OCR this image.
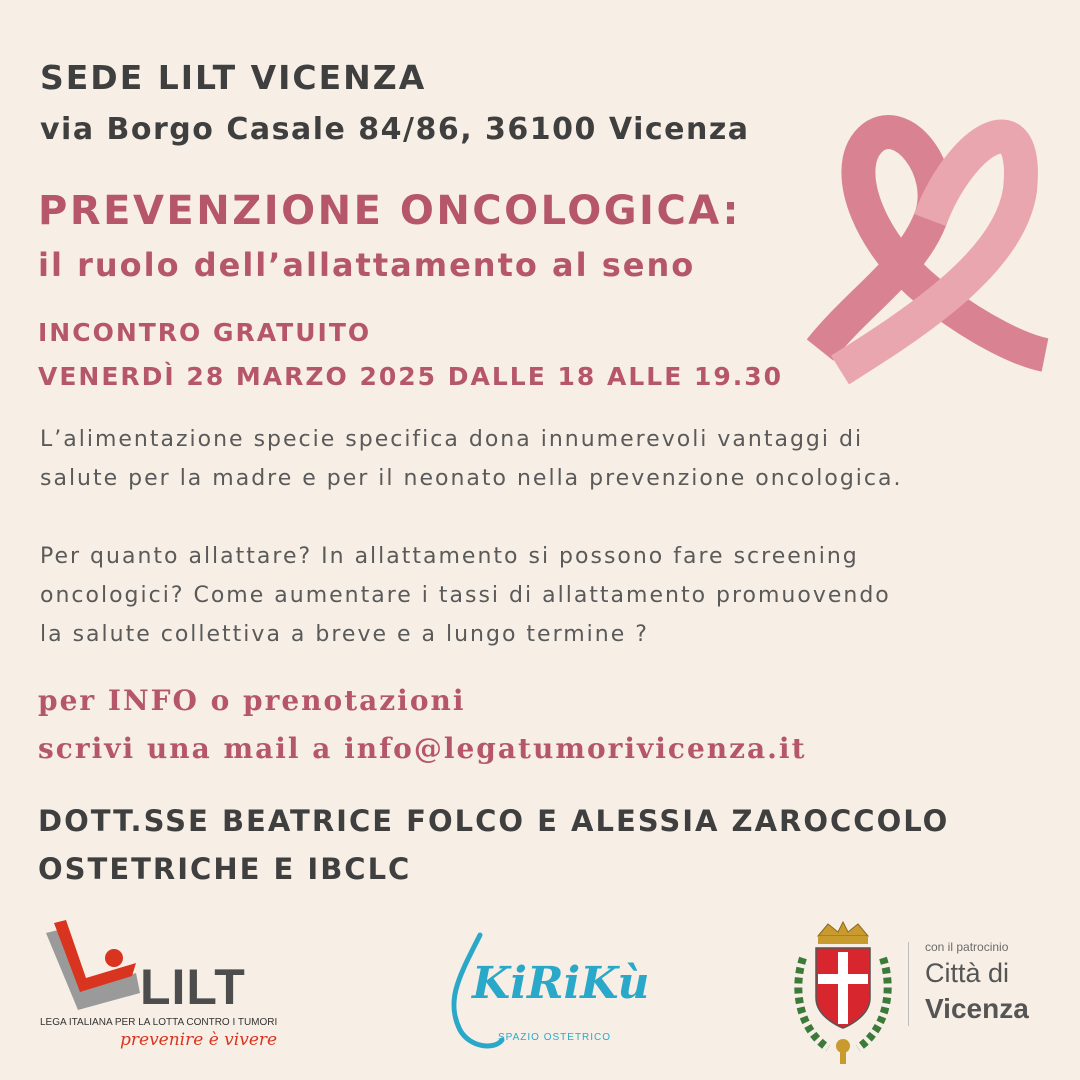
SEDE LILT VICENZA
via Borgo Casale 84/86, 36100 Vicenza
PREVENZIONE ONCOLOGICA:
il ruolo dell’allattamento al seno
INCONTRO GRATUITO
VENERDÌ 28 MARZO 2025 DALLE 18 ALLE 19.30
L’alimentazione specie specifica dona innumerevoli vantaggi di
salute per la madre e per il neonato nella prevenzione oncologica.
Per quanto allattare? In allattamento si possono fare screening
oncologici? Come aumentare i tassi di allattamento promuovendo
la salute collettiva a breve e a lungo termine ?
per INFO o prenotazioni
scrivi una mail a info@legatumorivicenza.it
DOTT.SSE BEATRICE FOLCO E ALESSIA ZAROCCOLO
OSTETRICHE E IBCLC
LILT
LEGA ITALIANA PER LA LOTTA CONTRO I TUMORI
prevenire è vivere
KiRiKù
SPAZIO OSTETRICO
con il patrocinio
Città di
Vicenza
